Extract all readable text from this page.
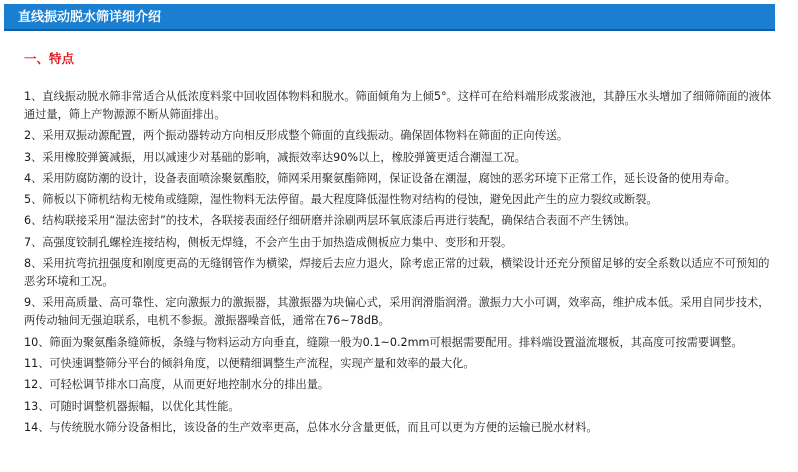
直线振动脱水筛详细介绍
一、特点
1、直线振动脱水筛非常适合从低浓度料浆中回收固体物料和脱水。筛面倾角为上倾5°。这样可在给料端形成浆液池，其静压水头增加了细筛筛面的液体通过量，筛上产物源源不断从筛面排出。
2、采用双振动源配置，两个振动器转动方向相反形成整个筛面的直线振动。确保固体物料在筛面的正向传送。
3、采用橡胶弹簧减振，用以减速少对基础的影响，减振效率达90%以上，橡胶弹簧更适合潮湿工况。
4、采用防腐防潮的设计，设备表面喷涂聚氨酯胶，筛网采用聚氨酯筛网，保证设备在潮湿，腐蚀的恶劣环境下正常工作，延长设备的使用寿命。
5、筛板以下筛机结构无棱角或缝隙，湿性物料无法停留。最大程度降低湿性物对结构的侵蚀，避免因此产生的应力裂纹或断裂。
6、结构联接采用“湿法密封”的技术，各联接表面经仔细研磨并涂刷两层环氧底漆后再进行装配，确保结合表面不产生锈蚀。
7、高强度铰制孔螺栓连接结构，侧板无焊缝，不会产生由于加热造成侧板应力集中、变形和开裂。
8、采用抗弯抗扭强度和刚度更高的无缝钢管作为横梁，焊接后去应力退火，除考虑正常的过载，横梁设计还充分预留足够的安全系数以适应不可预知的恶劣环境和工况。
9、采用高质量、高可靠性、定向激振力的激振器，其激振器为块偏心式，采用润滑脂润滑。激振力大小可调，效率高，维护成本低。采用自同步技术，两传动轴间无强迫联系，电机不参振。激振器噪音低，通常在76~78dB。
10、筛面为聚氨酯条缝筛板，条缝与物料运动方向垂直，缝隙一般为0.1~0.2mm可根据需要配用。排料端设置溢流堰板，其高度可按需要调整。
11、可快速调整筛分平台的倾斜角度，以便精细调整生产流程，实现产量和效率的最大化。
12、可轻松调节排水口高度，从而更好地控制水分的排出量。
13、可随时调整机器振幅，以优化其性能。
14、与传统脱水筛分设备相比，该设备的生产效率更高，总体水分含量更低，而且可以更为方便的运输已脱水材料。
